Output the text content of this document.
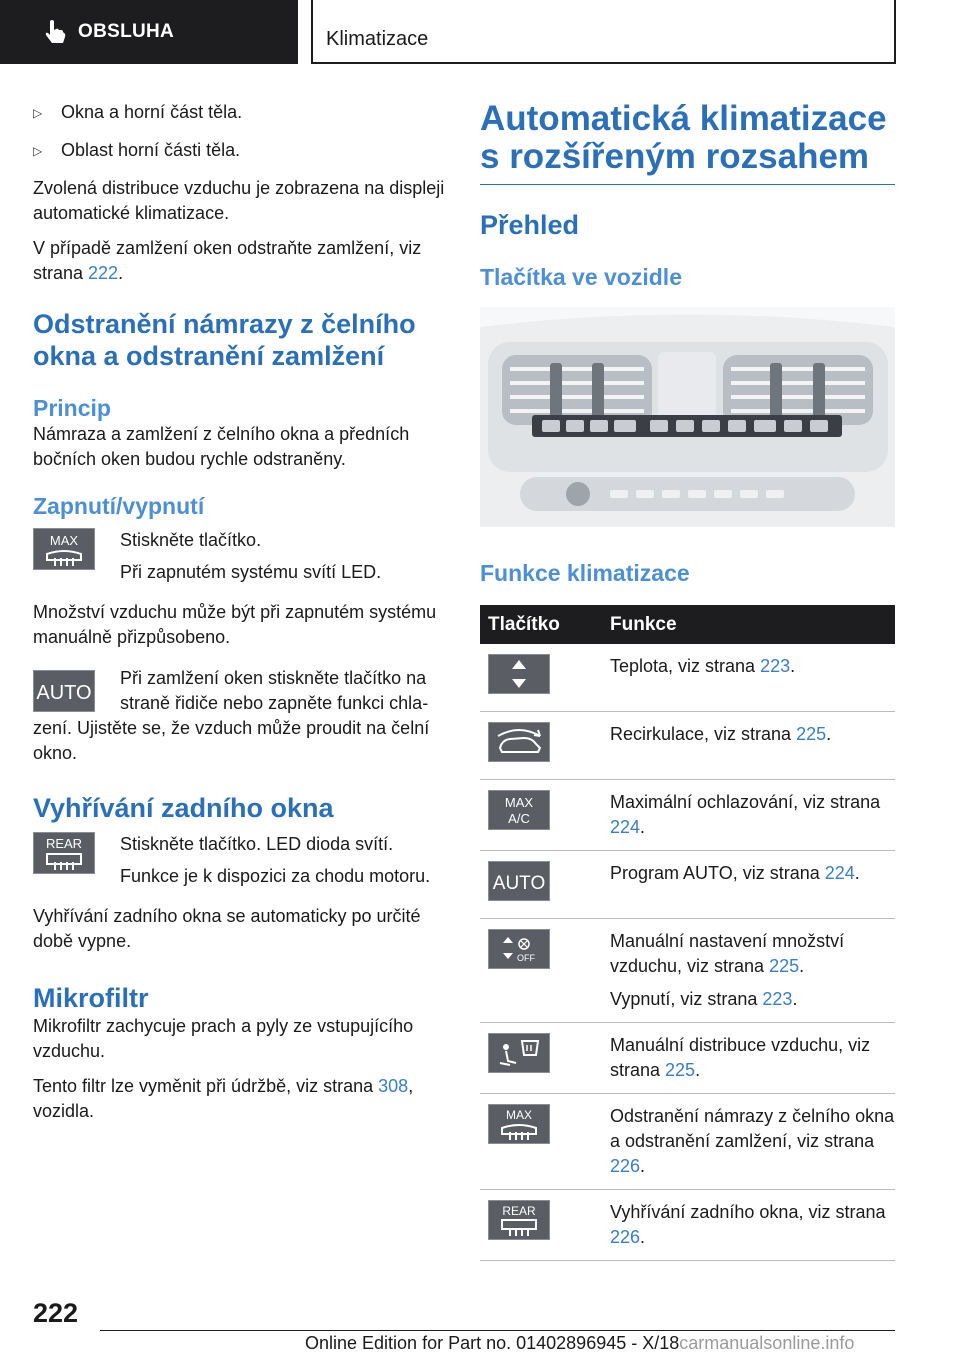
OBSLUHA	Klimatizace
▷	Okna a horní část těla.
▷	Oblast horní části těla.

Zvolená distribuce vzduchu je zobrazena na displeji automatické klimatizace.

V případě zamlžení oken odstraňte zamlžení, viz strana 222.

Odstranění námrazy z čelního okna a odstranění zamlžení
Princip

Námraza a zamlžení z čelního okna a předních bočních oken budou rychle odstraněny.

Zapnutí/vypnutí
MAX Stiskněte tlačítko.

Při zapnutém systému svítí LED.

Množství vzduchu může být při zapnutém systému manuálně přizpůsobeno.

AUTO

Při zamlžení oken stiskněte tlačítko na straně řidiče nebo zapněte funkci chlazení. Ujistěte se, že vzduch může proudit na čelní okno.

Vyhřívání zadního okna
REAR Stiskněte tlačítko. LED dioda svítí.

Funkce je k dispozici za chodu motoru.

Vyhřívání zadního okna se automaticky po určité době vypne.

Mikrofiltr

Mikrofiltr zachycuje prach a pyly ze vstupujícího vzduchu.

Tento filtr lze vyměnit při údržbě, viz strana 308, vozidla.

Automatická klimatizace s rozšířeným rozsahem
Přehled
Tlačítka ve vozidle
Funkce klimatizace
Tlačítko	Funkce

Teplota, viz strana 223.

Recirkulace, viz strana 225.

MAX
A/C	Maximální ochlazování, viz strana 224.

AUTO	Program AUTO, viz strana 224.

OFF	Manuální nastavení množství vzduchu, viz strana 225.

Vypnutí, viz strana 223.

Manuální distribuce vzduchu, viz strana 225.

MAX	Odstranění námrazy z čelního okna a odstranění zamlžení, viz strana 226.

REAR	Vyhřívání zadního okna, viz strana 226.

222
Online Edition for Part no. 01402896945 - X/18carmanualsonline.info
